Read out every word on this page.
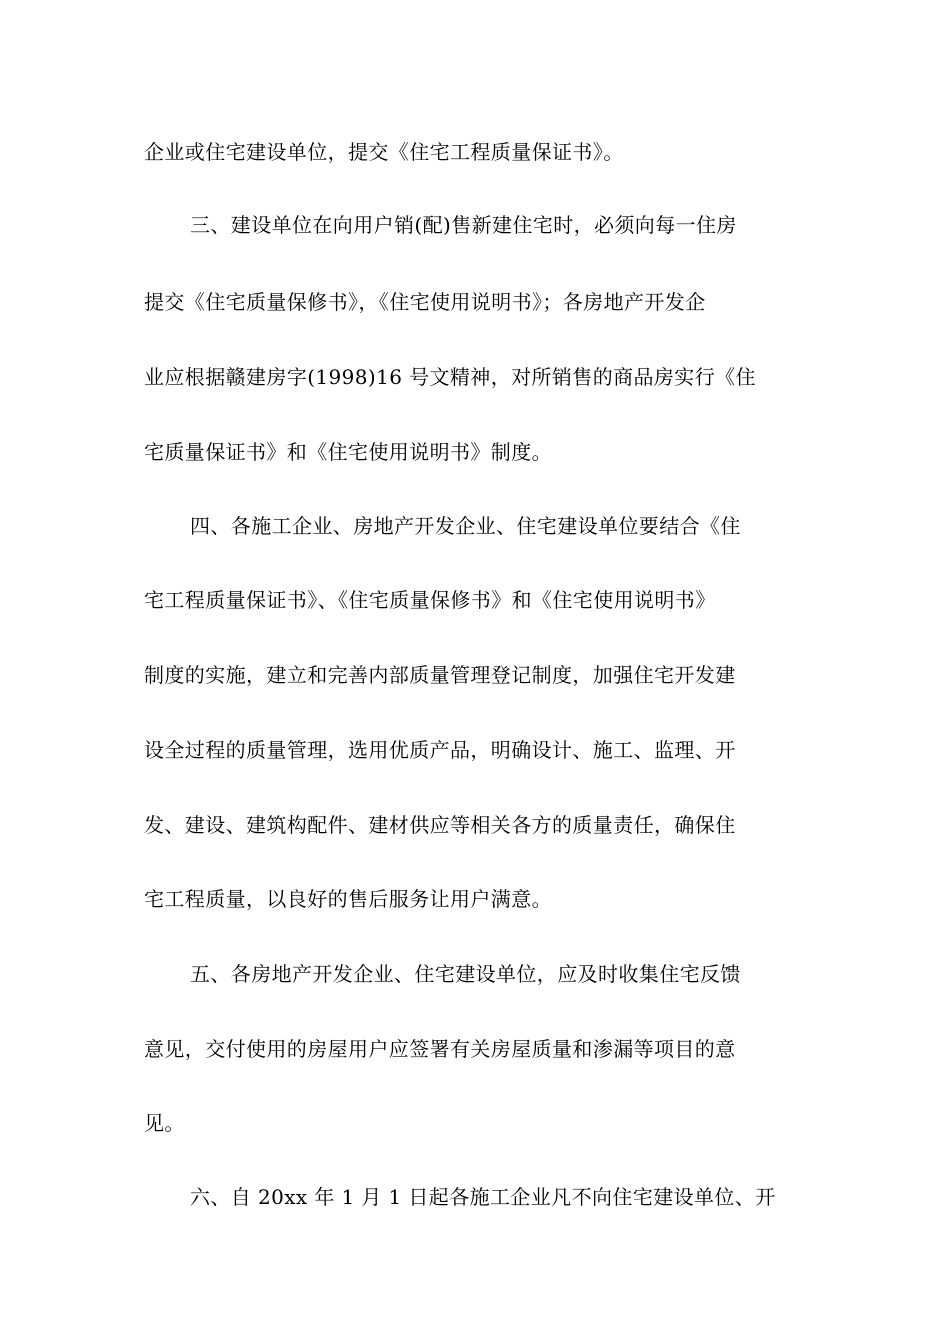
企业或住宅建设单位，提交《住宅工程质量保证书》。
三、建设单位在向用户销(配)售新建住宅时，必须向每一住房
提交《住宅质量保修书》，《住宅使用说明书》；各房地产开发企
业应根据赣建房字(1998)16 号文精神，对所销售的商品房实行《住
宅质量保证书》和《住宅使用说明书》制度。
四、各施工企业、房地产开发企业、住宅建设单位要结合《住
宅工程质量保证书》、《住宅质量保修书》和《住宅使用说明书》
制度的实施，建立和完善内部质量管理登记制度，加强住宅开发建
设全过程的质量管理，选用优质产品，明确设计、施工、监理、开
发、建设、建筑构配件、建材供应等相关各方的质量责任，确保住
宅工程质量，以良好的售后服务让用户满意。
五、各房地产开发企业、住宅建设单位，应及时收集住宅反馈
意见，交付使用的房屋用户应签署有关房屋质量和渗漏等项目的意
见。
六、自 20xx 年 1 月 1 日起各施工企业凡不向住宅建设单位、开
